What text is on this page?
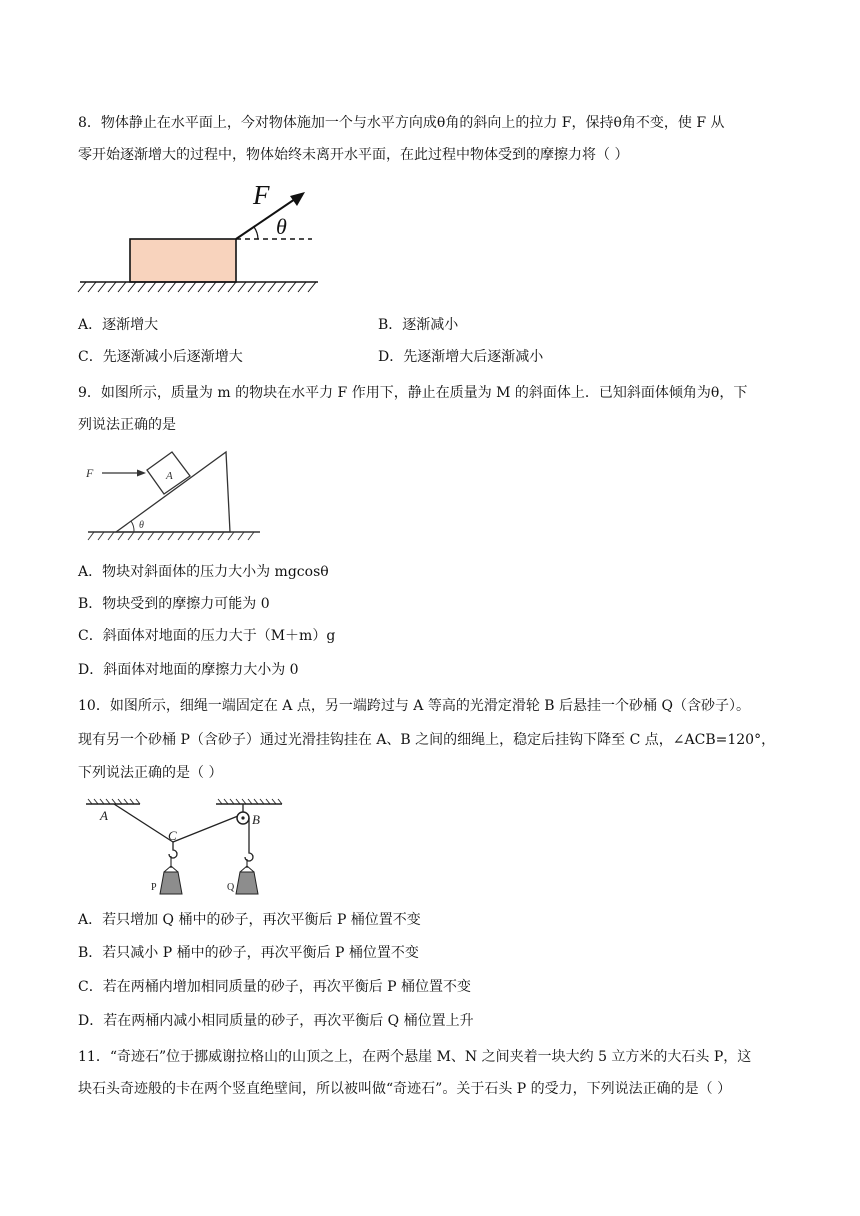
8．物体静止在水平面上，今对物体施加一个与水平方向成θ角的斜向上的拉力 F，保持θ角不变，使 F 从
零开始逐渐增大的过程中，物体始终未离开水平面，在此过程中物体受到的摩擦力将（ ）
F
θ
A．逐渐增大	B．逐渐减小
C．先逐渐减小后逐渐增大	D．先逐渐增大后逐渐减小
9．如图所示，质量为 m 的物块在水平力 F 作用下，静止在质量为 M 的斜面体上．已知斜面体倾角为θ，下
列说法正确的是
A
F
θ
A．物块对斜面体的压力大小为 mgcosθ
B．物块受到的摩擦力可能为 0
C．斜面体对地面的压力大于（M＋m）g
D．斜面体对地面的摩擦力大小为 0
10．如图所示，细绳一端固定在 A 点，另一端跨过与 A 等高的光滑定滑轮 B 后悬挂一个砂桶 Q（含砂子）。
现有另一个砂桶 P（含砂子）通过光滑挂钩挂在 A、B 之间的细绳上，稳定后挂钩下降至 C 点，∠ACB=120°，
下列说法正确的是（ ）
A	B
C
P	Q
A．若只增加 Q 桶中的砂子，再次平衡后 P 桶位置不变
B．若只减小 P 桶中的砂子，再次平衡后 P 桶位置不变
C．若在两桶内增加相同质量的砂子，再次平衡后 P 桶位置不变
D．若在两桶内减小相同质量的砂子，再次平衡后 Q 桶位置上升
11．“奇迹石”位于挪威谢拉格山的山顶之上，在两个悬崖 M、N 之间夹着一块大约 5 立方米的大石头 P，这
块石头奇迹般的卡在两个竖直绝壁间，所以被叫做“奇迹石”。关于石头 P 的受力，下列说法正确的是（ ）
